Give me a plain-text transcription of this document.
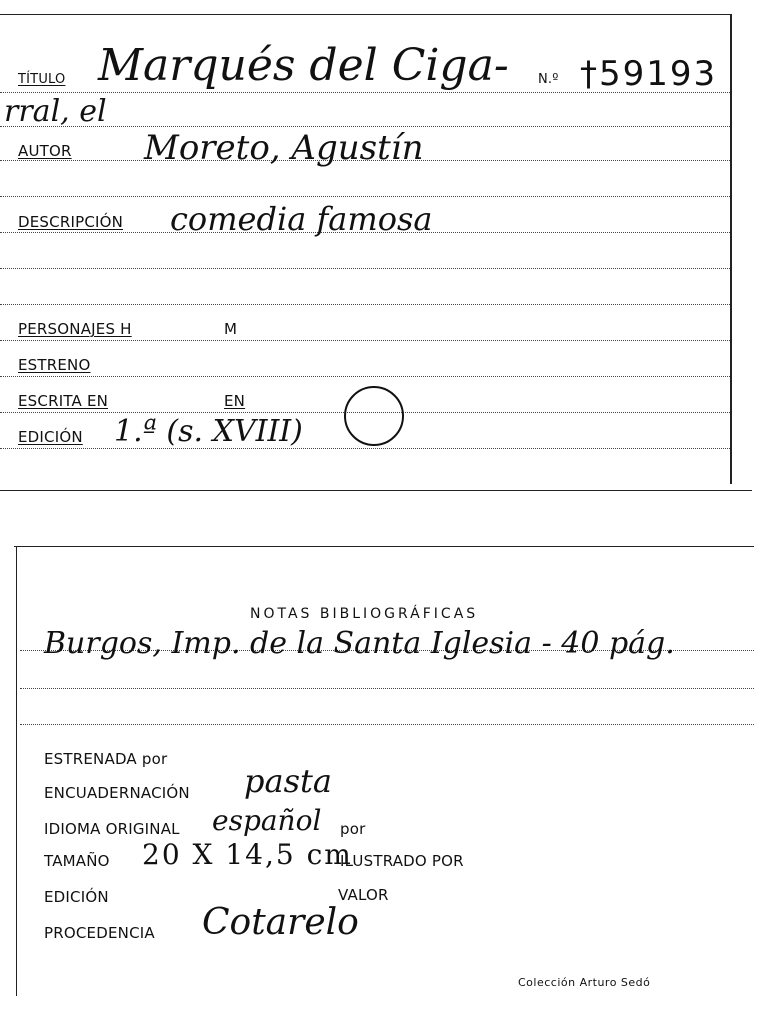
TÍTULO Marqués del Ciga- N.º †59193
rral, el
AUTOR Moreto, Agustín
DESCRIPCIÓN comedia famosa
PERSONAJES H	M
ESTRENO
ESCRITA EN	EN
EDICIÓN 1.ª (s. XVIII)
NOTAS BIBLIOGRÁFICAS
Burgos, Imp. de la Santa Iglesia - 40 pág.
ESTRENADA por
ENCUADERNACIÓN pasta
IDIOMA ORIGINAL español por
TAMAÑO 20 X 14,5 cm
ILUSTRADO POR
EDICIÓN	VALOR
PROCEDENCIA Cotarelo
Colección Arturo Sedó
